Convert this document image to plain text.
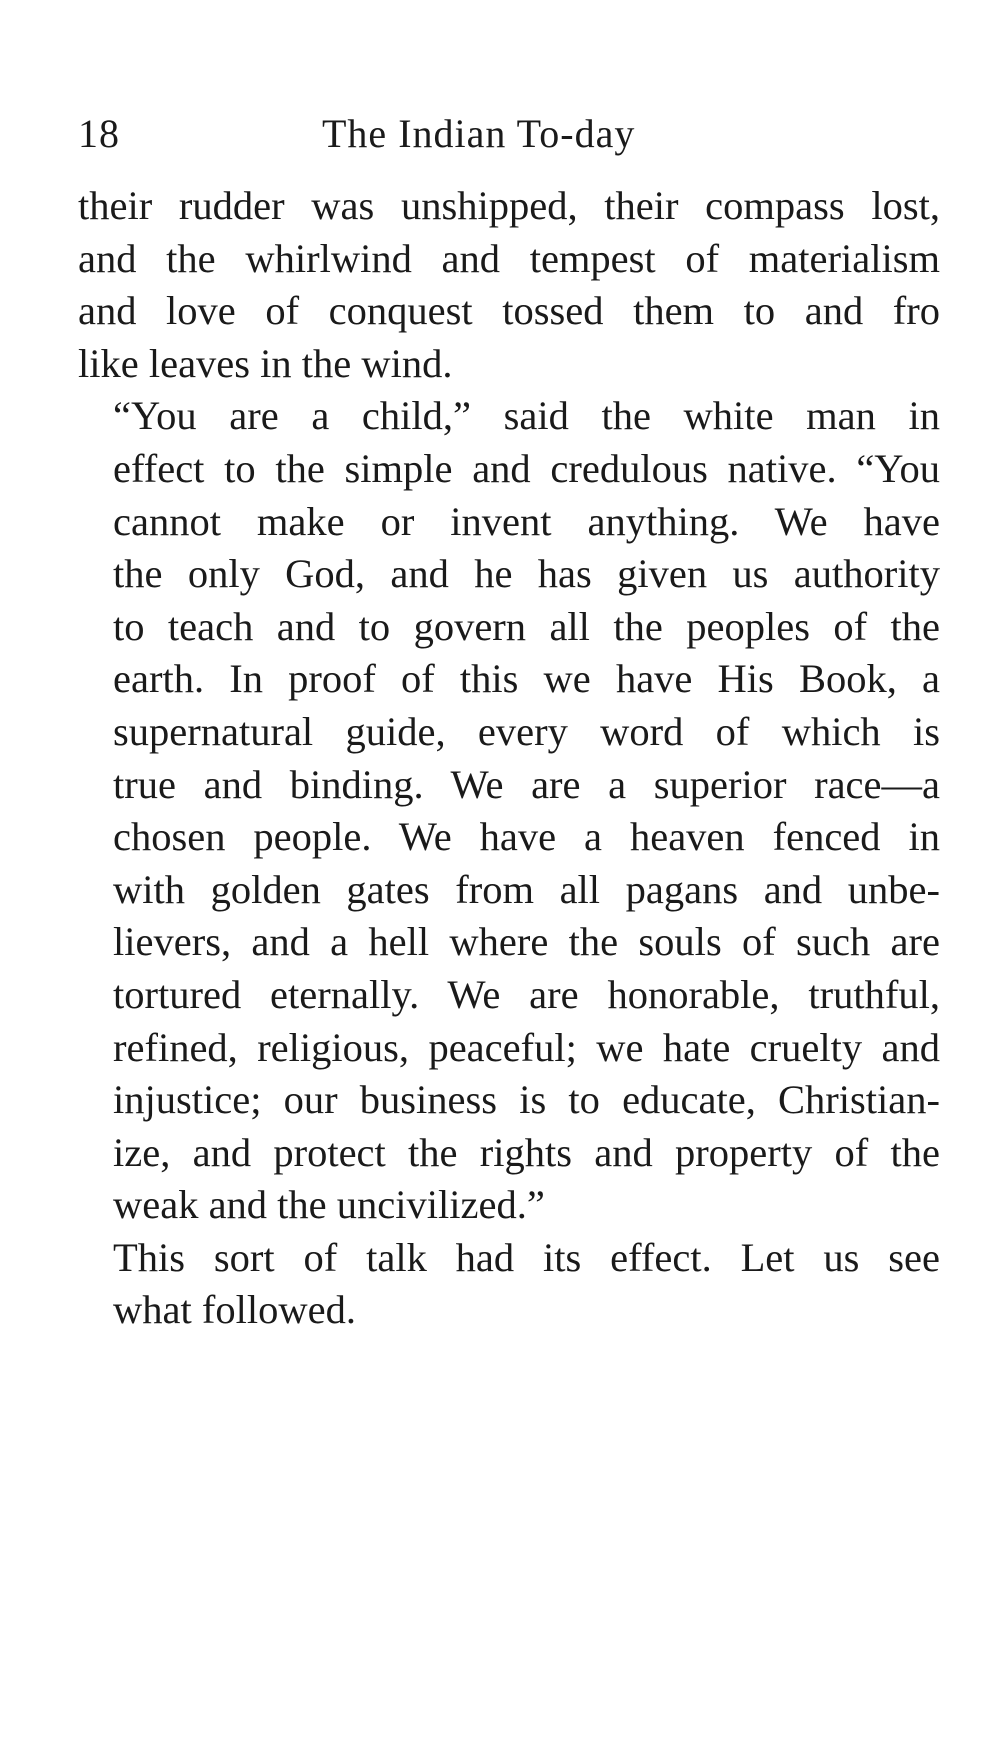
18	The Indian To-day

their rudder was unshipped, their compass lost,
and the whirlwind and tempest of materialism
and love of conquest tossed them to and fro
like leaves in the wind.

“You are a child,” said the white man in
effect to the simple and credulous native. “You
cannot make or invent anything. We have
the only God, and he has given us authority
to teach and to govern all the peoples of the
earth. In proof of this we have His Book, a
supernatural guide, every word of which is
true and binding. We are a superior race—a
chosen people. We have a heaven fenced in
with golden gates from all pagans and unbe-
lievers, and a hell where the souls of such are
tortured eternally. We are honorable, truthful,
refined, religious, peaceful; we hate cruelty and
injustice; our business is to educate, Christian-
ize, and protect the rights and property of the
weak and the uncivilized.”

This sort of talk had its effect. Let us see
what followed.
